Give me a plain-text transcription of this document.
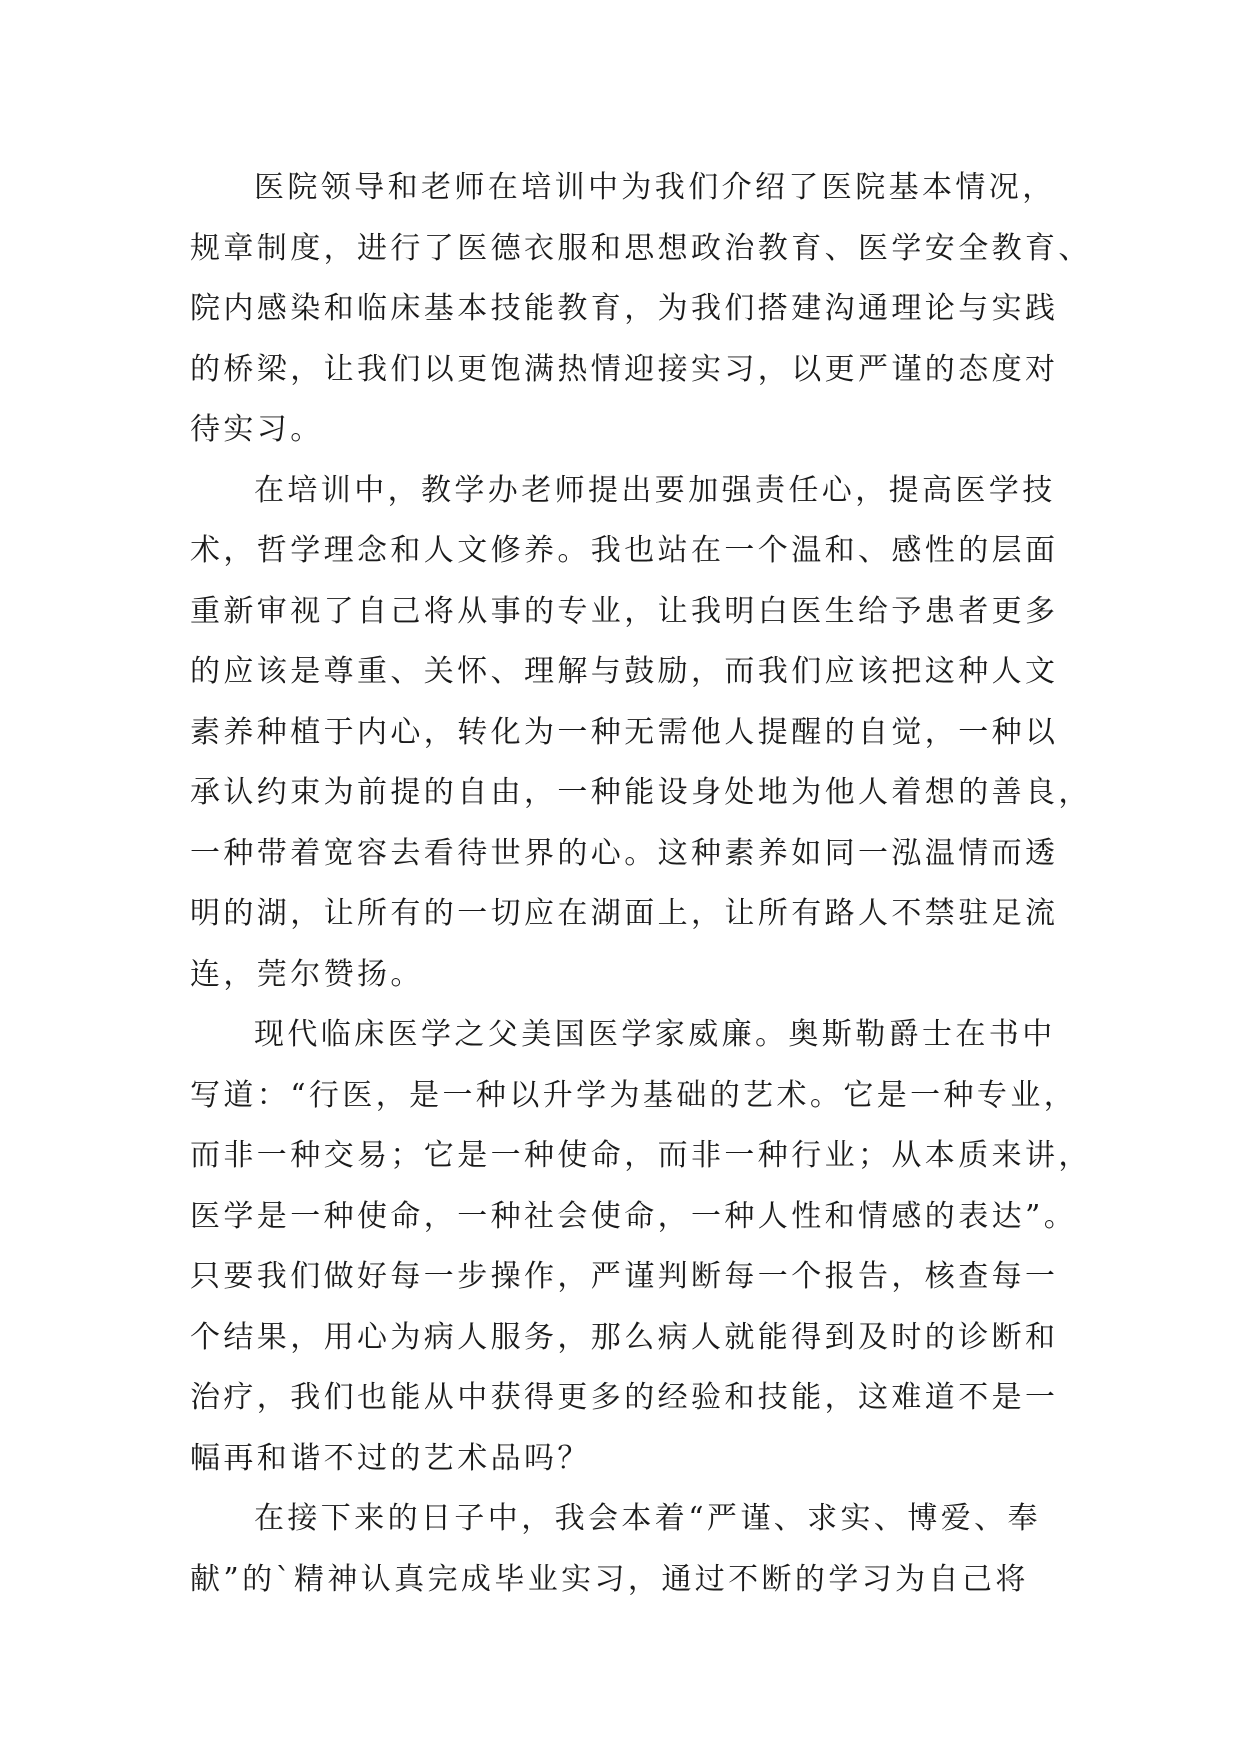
医院领导和老师在培训中为我们介绍了医院基本情况，
规章制度，进行了医德衣服和思想政治教育、医学安全教育、
院内感染和临床基本技能教育，为我们搭建沟通理论与实践
的桥梁，让我们以更饱满热情迎接实习，以更严谨的态度对
待实习。
在培训中，教学办老师提出要加强责任心，提高医学技
术，哲学理念和人文修养。我也站在一个温和、感性的层面
重新审视了自己将从事的专业，让我明白医生给予患者更多
的应该是尊重、关怀、理解与鼓励，而我们应该把这种人文
素养种植于内心，转化为一种无需他人提醒的自觉，一种以
承认约束为前提的自由，一种能设身处地为他人着想的善良，
一种带着宽容去看待世界的心。这种素养如同一泓温情而透
明的湖，让所有的一切应在湖面上，让所有路人不禁驻足流
连，莞尔赞扬。
现代临床医学之父美国医学家威廉。奥斯勒爵士在书中
写道：“行医，是一种以升学为基础的艺术。它是一种专业，
而非一种交易；它是一种使命，而非一种行业；从本质来讲，
医学是一种使命，一种社会使命，一种人性和情感的表达”。
只要我们做好每一步操作，严谨判断每一个报告，核查每一
个结果，用心为病人服务，那么病人就能得到及时的诊断和
治疗，我们也能从中获得更多的经验和技能，这难道不是一
幅再和谐不过的艺术品吗？
在接下来的日子中，我会本着“严谨、求实、博爱、奉
献”的`精神认真完成毕业实习，通过不断的学习为自己将
